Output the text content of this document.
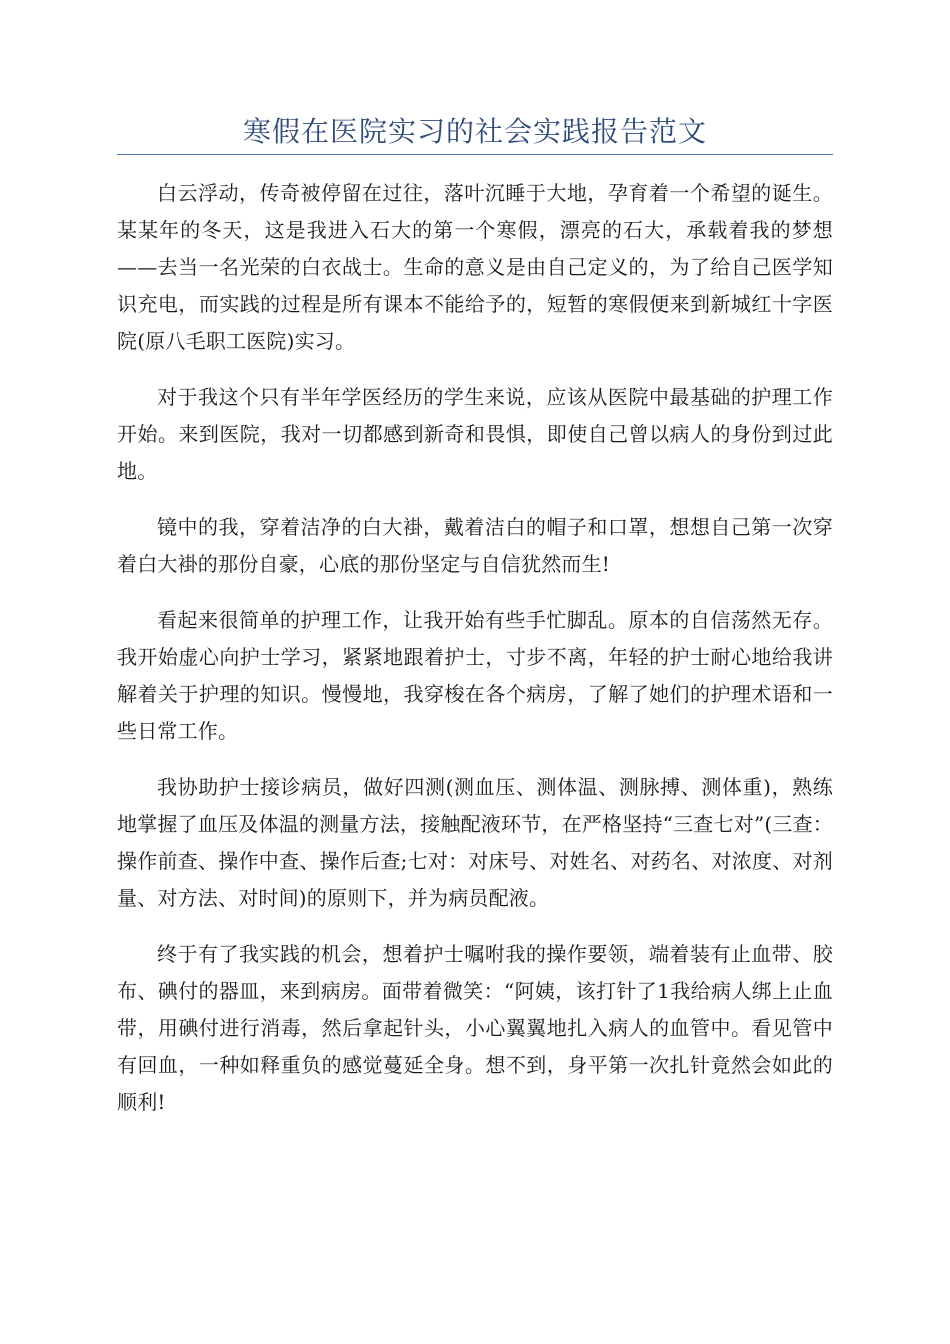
寒假在医院实习的社会实践报告范文

白云浮动，传奇被停留在过往，落叶沉睡于大地，孕育着一个希望的诞生。某某年的冬天，这是我进入石大的第一个寒假，漂亮的石大，承载着我的梦想——去当一名光荣的白衣战士。生命的意义是由自己定义的，为了给自己医学知识充电，而实践的过程是所有课本不能给予的，短暂的寒假便来到新城红十字医院(原八毛职工医院)实习。

对于我这个只有半年学医经历的学生来说，应该从医院中最基础的护理工作开始。来到医院，我对一切都感到新奇和畏惧，即使自己曾以病人的身份到过此地。

镜中的我，穿着洁净的白大褂，戴着洁白的帽子和口罩，想想自己第一次穿着白大褂的那份自豪，心底的那份坚定与自信犹然而生!

看起来很简单的护理工作，让我开始有些手忙脚乱。原本的自信荡然无存。我开始虚心向护士学习，紧紧地跟着护士，寸步不离，年轻的护士耐心地给我讲解着关于护理的知识。慢慢地，我穿梭在各个病房，了解了她们的护理术语和一些日常工作。

我协助护士接诊病员，做好四测(测血压、测体温、测脉搏、测体重)，熟练地掌握了血压及体温的测量方法，接触配液环节，在严格坚持“三查七对”(三查：操作前查、操作中查、操作后查;七对：对床号、对姓名、对药名、对浓度、对剂量、对方法、对时间)的原则下，并为病员配液。

终于有了我实践的机会，想着护士嘱咐我的操作要领，端着装有止血带、胶布、碘付的器皿，来到病房。面带着微笑：“阿姨，该打针了1我给病人绑上止血带，用碘付进行消毒，然后拿起针头，小心翼翼地扎入病人的血管中。看见管中有回血，一种如释重负的感觉蔓延全身。想不到，身平第一次扎针竟然会如此的顺利!
